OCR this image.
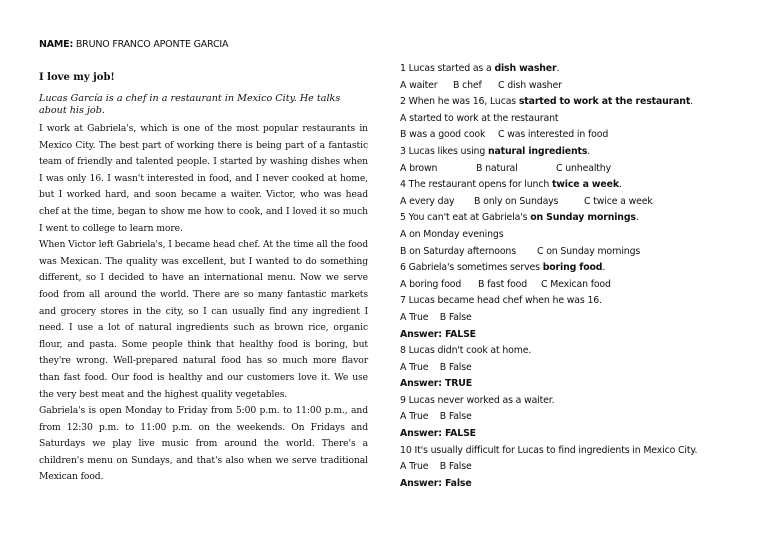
NAME: BRUNO FRANCO APONTE GARCIA
I love my job!
Lucas García is a chef in a restaurant in Mexico City. He talks about his job.

I work at Gabriela's, which is one of the most popular restaurants in Mexico City. The best part of working there is being part of a fantastic team of friendly and talented people. I started by washing dishes when I was only 16. I wasn't interested in food, and I never cooked at home, but I worked hard, and soon became a waiter. Victor, who was head chef at the time, began to show me how to cook, and I loved it so much I went to college to learn more.

When Victor left Gabriela's, I became head chef. At the time all the food was Mexican. The quality was excellent, but I wanted to do something different, so I decided to have an international menu. Now we serve food from all around the world. There are so many fantastic markets and grocery stores in the city, so I can usually find any ingredient I need. I use a lot of natural ingredients such as brown rice, organic flour, and pasta. Some people think that healthy food is boring, but they're wrong. Well-prepared natural food has so much more flavor than fast food. Our food is healthy and our customers love it. We use the very best meat and the highest quality vegetables.

Gabriela's is open Monday to Friday from 5:00 p.m. to 11:00 p.m., and from 12:30 p.m. to 11:00 p.m. on the weekends. On Fridays and Saturdays we play live music from around the world. There's a children's menu on Sundays, and that's also when we serve traditional Mexican food.

1 Lucas started as a dish washer.
A waiter B chef C dish washer
2 When he was 16, Lucas started to work at the restaurant.
A started to work at the restaurant
B was a good cook C was interested in food
3 Lucas likes using natural ingredients.
A brown	B natural	C unhealthy
4 The restaurant opens for lunch twice a week.
A every day B only on Sundays	C twice a week
5 You can't eat at Gabriela's on Sunday mornings.
A on Monday evenings
B on Saturday afternoons C on Sunday mornings
6 Gabriela's sometimes serves boring food.
A boring food B fast food C Mexican food
7 Lucas became head chef when he was 16.
A True    B False
Answer: FALSE
8 Lucas didn't cook at home.
A True    B False
Answer: TRUE
9 Lucas never worked as a waiter.
A True    B False
Answer: FALSE
10 It's usually difficult for Lucas to find ingredients in Mexico City.
A True    B False
Answer: False
